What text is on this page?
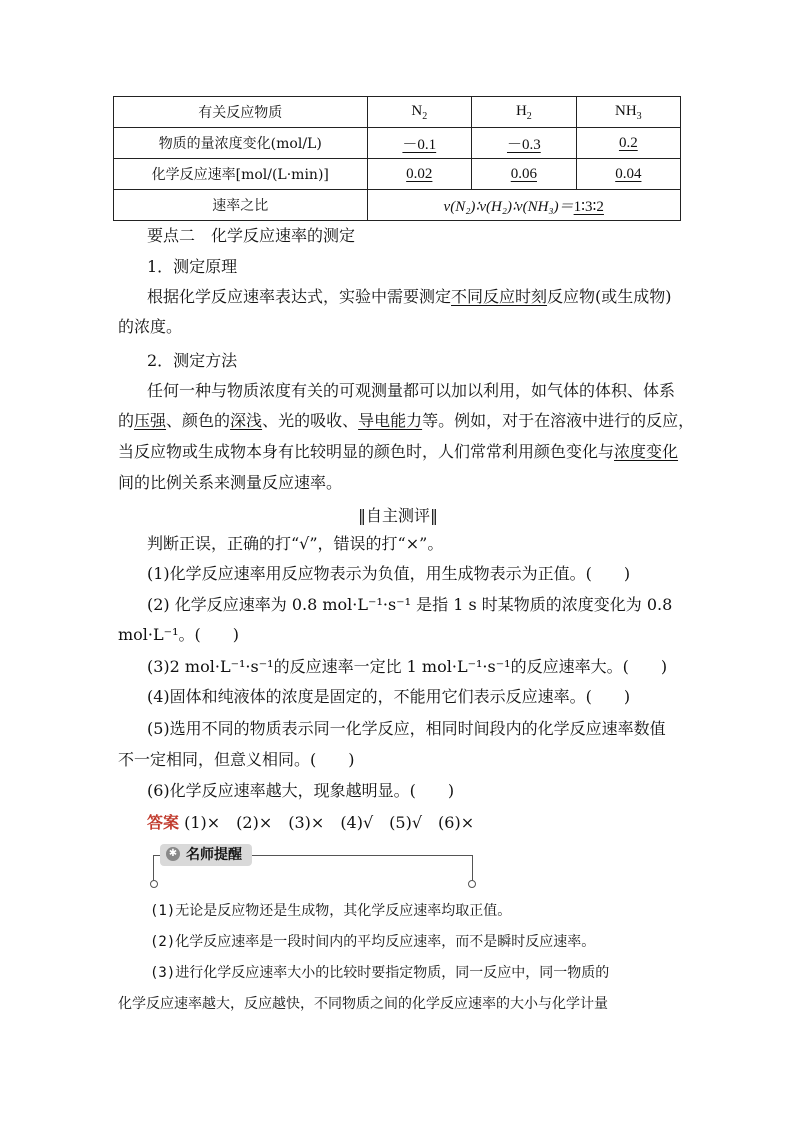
有关反应物质	$N_2$	$H_2$	$NH_3$
物质的量浓度变化(mol/L)	－0.1	－0.3	0.2
化学反应速率[mol/(L·min)]	0.02	0.06	0.04
速率之比	v(N₂)∶v(H₂)∶v(NH₃)＝1∶3∶2		
要点二　化学反应速率的测定
1．测定原理
根据化学反应速率表达式，实验中需要测定不同反应时刻反应物(或生成物)
的浓度。
2．测定方法
任何一种与物质浓度有关的可观测量都可以加以利用，如气体的体积、体系
的压强、颜色的深浅、光的吸收、导电能力等。例如，对于在溶液中进行的反应，
当反应物或生成物本身有比较明显的颜色时，人们常常利用颜色变化与浓度变化
间的比例关系来测量反应速率。
‖自主测评‖
判断正误，正确的打“√”，错误的打“×”。
(1)化学反应速率用反应物表示为负值，用生成物表示为正值。(　　)
(2) 化学反应速率为 0.8 mol·L⁻¹·s⁻¹ 是指 1 s 时某物质的浓度变化为 0.8
mol·L⁻¹。(　　)
(3)2 mol·L⁻¹·s⁻¹的反应速率一定比 1 mol·L⁻¹·s⁻¹的反应速率大。(　　)
(4)固体和纯液体的浓度是固定的，不能用它们表示反应速率。(　　)
(5)选用不同的物质表示同一化学反应，相同时间段内的化学反应速率数值
不一定相同，但意义相同。(　　)
(6)化学反应速率越大，现象越明显。(　　)
答案 (1)×　(2)×　(3)×　(4)√　(5)√　(6)×
✱ 名师提醒
(1)无论是反应物还是生成物，其化学反应速率均取正值。
(2)化学反应速率是一段时间内的平均反应速率，而不是瞬时反应速率。
(3)进行化学反应速率大小的比较时要指定物质，同一反应中，同一物质的
化学反应速率越大，反应越快，不同物质之间的化学反应速率的大小与化学计量
